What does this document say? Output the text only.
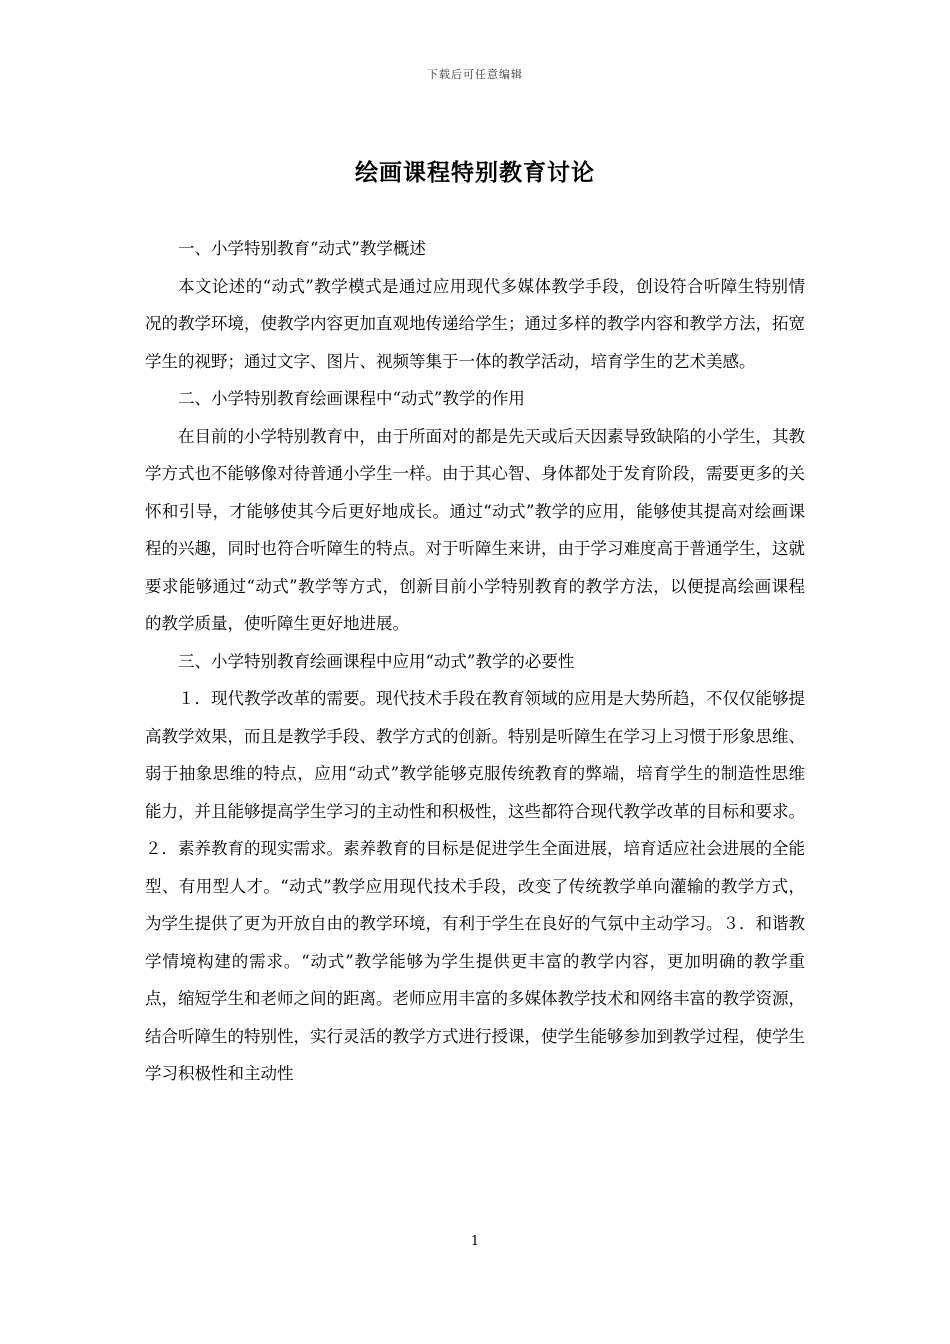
下载后可任意编辑
绘画课程特别教育讨论

一、小学特别教育“动式”教学概述

本文论述的“动式”教学模式是通过应用现代多媒体教学手段，创设符合听障生特别情况的教学环境，使教学内容更加直观地传递给学生；通过多样的教学内容和教学方法，拓宽学生的视野；通过文字、图片、视频等集于一体的教学活动，培育学生的艺术美感。

二、小学特别教育绘画课程中“动式”教学的作用

在目前的小学特别教育中，由于所面对的都是先天或后天因素导致缺陷的小学生，其教学方式也不能够像对待普通小学生一样。由于其心智、身体都处于发育阶段，需要更多的关怀和引导，才能够使其今后更好地成长。通过“动式”教学的应用，能够使其提高对绘画课程的兴趣，同时也符合听障生的特点。对于听障生来讲，由于学习难度高于普通学生，这就要求能够通过“动式”教学等方式，创新目前小学特别教育的教学方法，以便提高绘画课程的教学质量，使听障生更好地进展。

三、小学特别教育绘画课程中应用“动式”教学的必要性

１．现代教学改革的需要。现代技术手段在教育领域的应用是大势所趋，不仅仅能够提高教学效果，而且是教学手段、教学方式的创新。特别是听障生在学习上习惯于形象思维、弱于抽象思维的特点，应用“动式”教学能够克服传统教育的弊端，培育学生的制造性思维能力，并且能够提高学生学习的主动性和积极性，这些都符合现代教学改革的目标和要求。２．素养教育的现实需求。素养教育的目标是促进学生全面进展，培育适应社会进展的全能型、有用型人才。“动式”教学应用现代技术手段，改变了传统教学单向灌输的教学方式，为学生提供了更为开放自由的教学环境，有利于学生在良好的气氛中主动学习。３．和谐教学情境构建的需求。“动式”教学能够为学生提供更丰富的教学内容，更加明确的教学重点，缩短学生和老师之间的距离。老师应用丰富的多媒体教学技术和网络丰富的教学资源，结合听障生的特别性，实行灵活的教学方式进行授课，使学生能够参加到教学过程，使学生学习积极性和主动性

1
